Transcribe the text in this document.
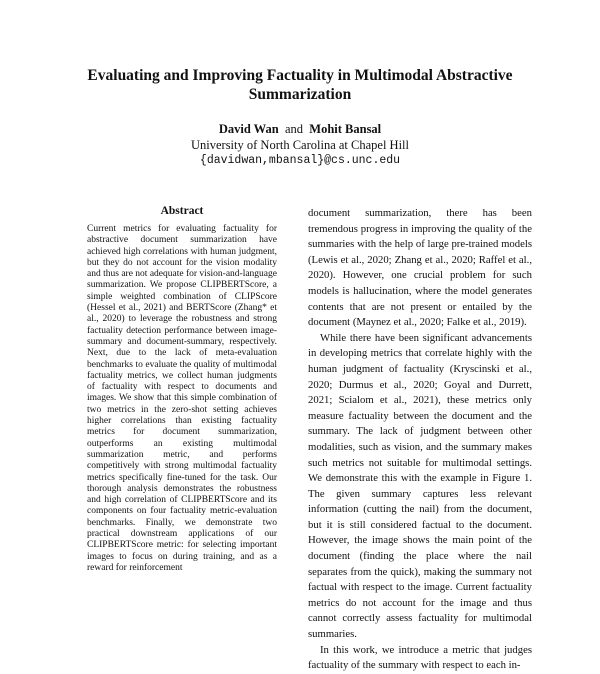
Evaluating and Improving Factuality in Multimodal Abstractive Summarization
David Wan and Mohit Bansal
University of North Carolina at Chapel Hill
{davidwan,mbansal}@cs.unc.edu
Abstract

Current metrics for evaluating factuality for abstractive document summarization have achieved high correlations with human judgment, but they do not account for the vision modality and thus are not adequate for vision-and-language summarization. We propose CLIPBERTScore, a simple weighted combination of CLIPScore (Hessel et al., 2021) and BERTScore (Zhang* et al., 2020) to leverage the robustness and strong factuality detection performance between image-summary and document-summary, respectively. Next, due to the lack of meta-evaluation benchmarks to evaluate the quality of multimodal factuality metrics, we collect human judgments of factuality with respect to documents and images. We show that this simple combination of two metrics in the zero-shot setting achieves higher correlations than existing factuality metrics for document summarization, outperforms an existing multimodal summarization metric, and performs competitively with strong multimodal factuality metrics specifically fine-tuned for the task. Our thorough analysis demonstrates the robustness and high correlation of CLIPBERTScore and its components on four factuality metric-evaluation benchmarks. Finally, we demonstrate two practical downstream applications of our CLIPBERTScore metric: for selecting important images to focus on during training, and as a reward for reinforcement

document summarization, there has been tremendous progress in improving the quality of the summaries with the help of large pre-trained models (Lewis et al., 2020; Zhang et al., 2020; Raffel et al., 2020). However, one crucial problem for such models is hallucination, where the model generates contents that are not present or entailed by the document (Maynez et al., 2020; Falke et al., 2019).

While there have been significant advancements in developing metrics that correlate highly with the human judgment of factuality (Kryscinski et al., 2020; Durmus et al., 2020; Goyal and Durrett, 2021; Scialom et al., 2021), these metrics only measure factuality between the document and the summary. The lack of judgment between other modalities, such as vision, and the summary makes such metrics not suitable for multimodal settings. We demonstrate this with the example in Figure 1. The given summary captures less relevant information (cutting the nail) from the document, but it is still considered factual to the document. However, the image shows the main point of the document (finding the place where the nail separates from the quick), making the summary not factual with respect to the image. Current factuality metrics do not account for the image and thus cannot correctly assess factuality for multimodal summaries.

In this work, we introduce a metric that judges factuality of the summary with respect to each in-
